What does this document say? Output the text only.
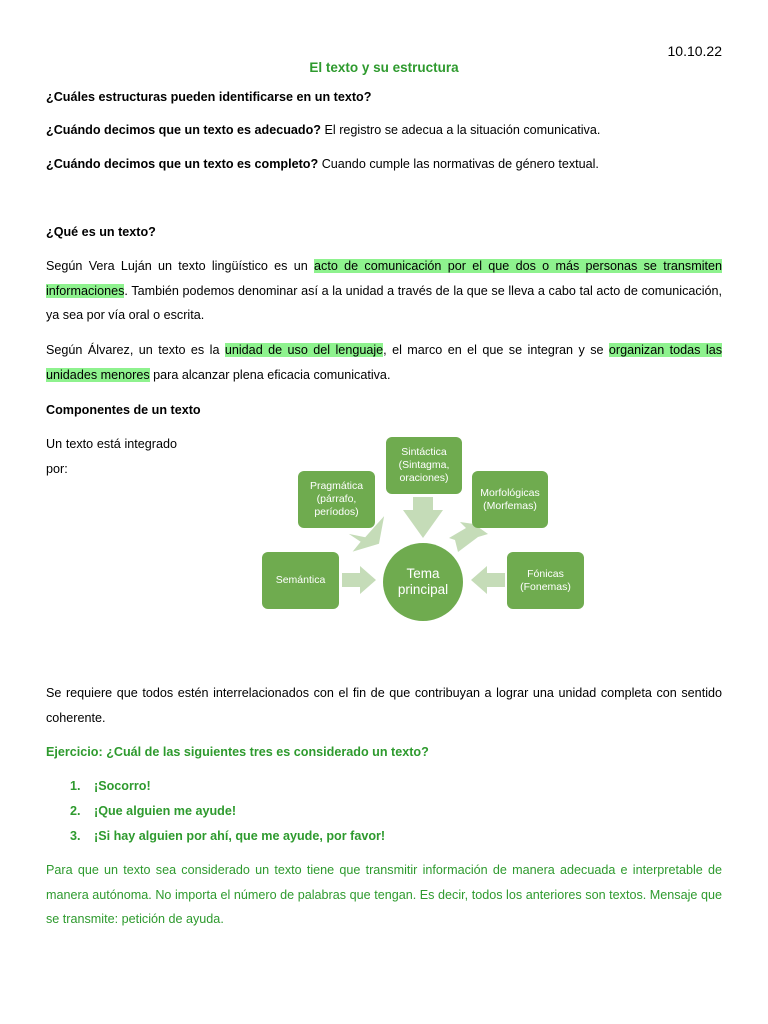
10.10.22
El texto y su estructura
¿Cuáles estructuras pueden identificarse en un texto?
¿Cuándo decimos que un texto es adecuado? El registro se adecua a la situación comunicativa.
¿Cuándo decimos que un texto es completo? Cuando cumple las normativas de género textual.
¿Qué es un texto?
Según Vera Luján un texto lingüístico es un acto de comunicación por el que dos o más personas se transmiten informaciones. También podemos denominar así a la unidad a través de la que se lleva a cabo tal acto de comunicación, ya sea por vía oral o escrita.
Según Álvarez, un texto es la unidad de uso del lenguaje, el marco en el que se integran y se organizan todas las unidades menores para alcanzar plena eficacia comunicativa.
Componentes de un texto
Un texto está integrado por:
Sintáctica (Sintagma, oraciones)
Pragmática (párrafo, períodos)
Morfológicas (Morfemas)
Semántica
Fónicas (Fonemas)
Tema principal
Se requiere que todos estén interrelacionados con el fin de que contribuyan a lograr una unidad completa con sentido coherente.
Ejercicio: ¿Cuál de las siguientes tres es considerado un texto?
1. ¡Socorro!
2. ¡Que alguien me ayude!
3. ¡Si hay alguien por ahí, que me ayude, por favor!
Para que un texto sea considerado un texto tiene que transmitir información de manera adecuada e interpretable de manera autónoma. No importa el número de palabras que tengan. Es decir, todos los anteriores son textos. Mensaje que se transmite: petición de ayuda.
